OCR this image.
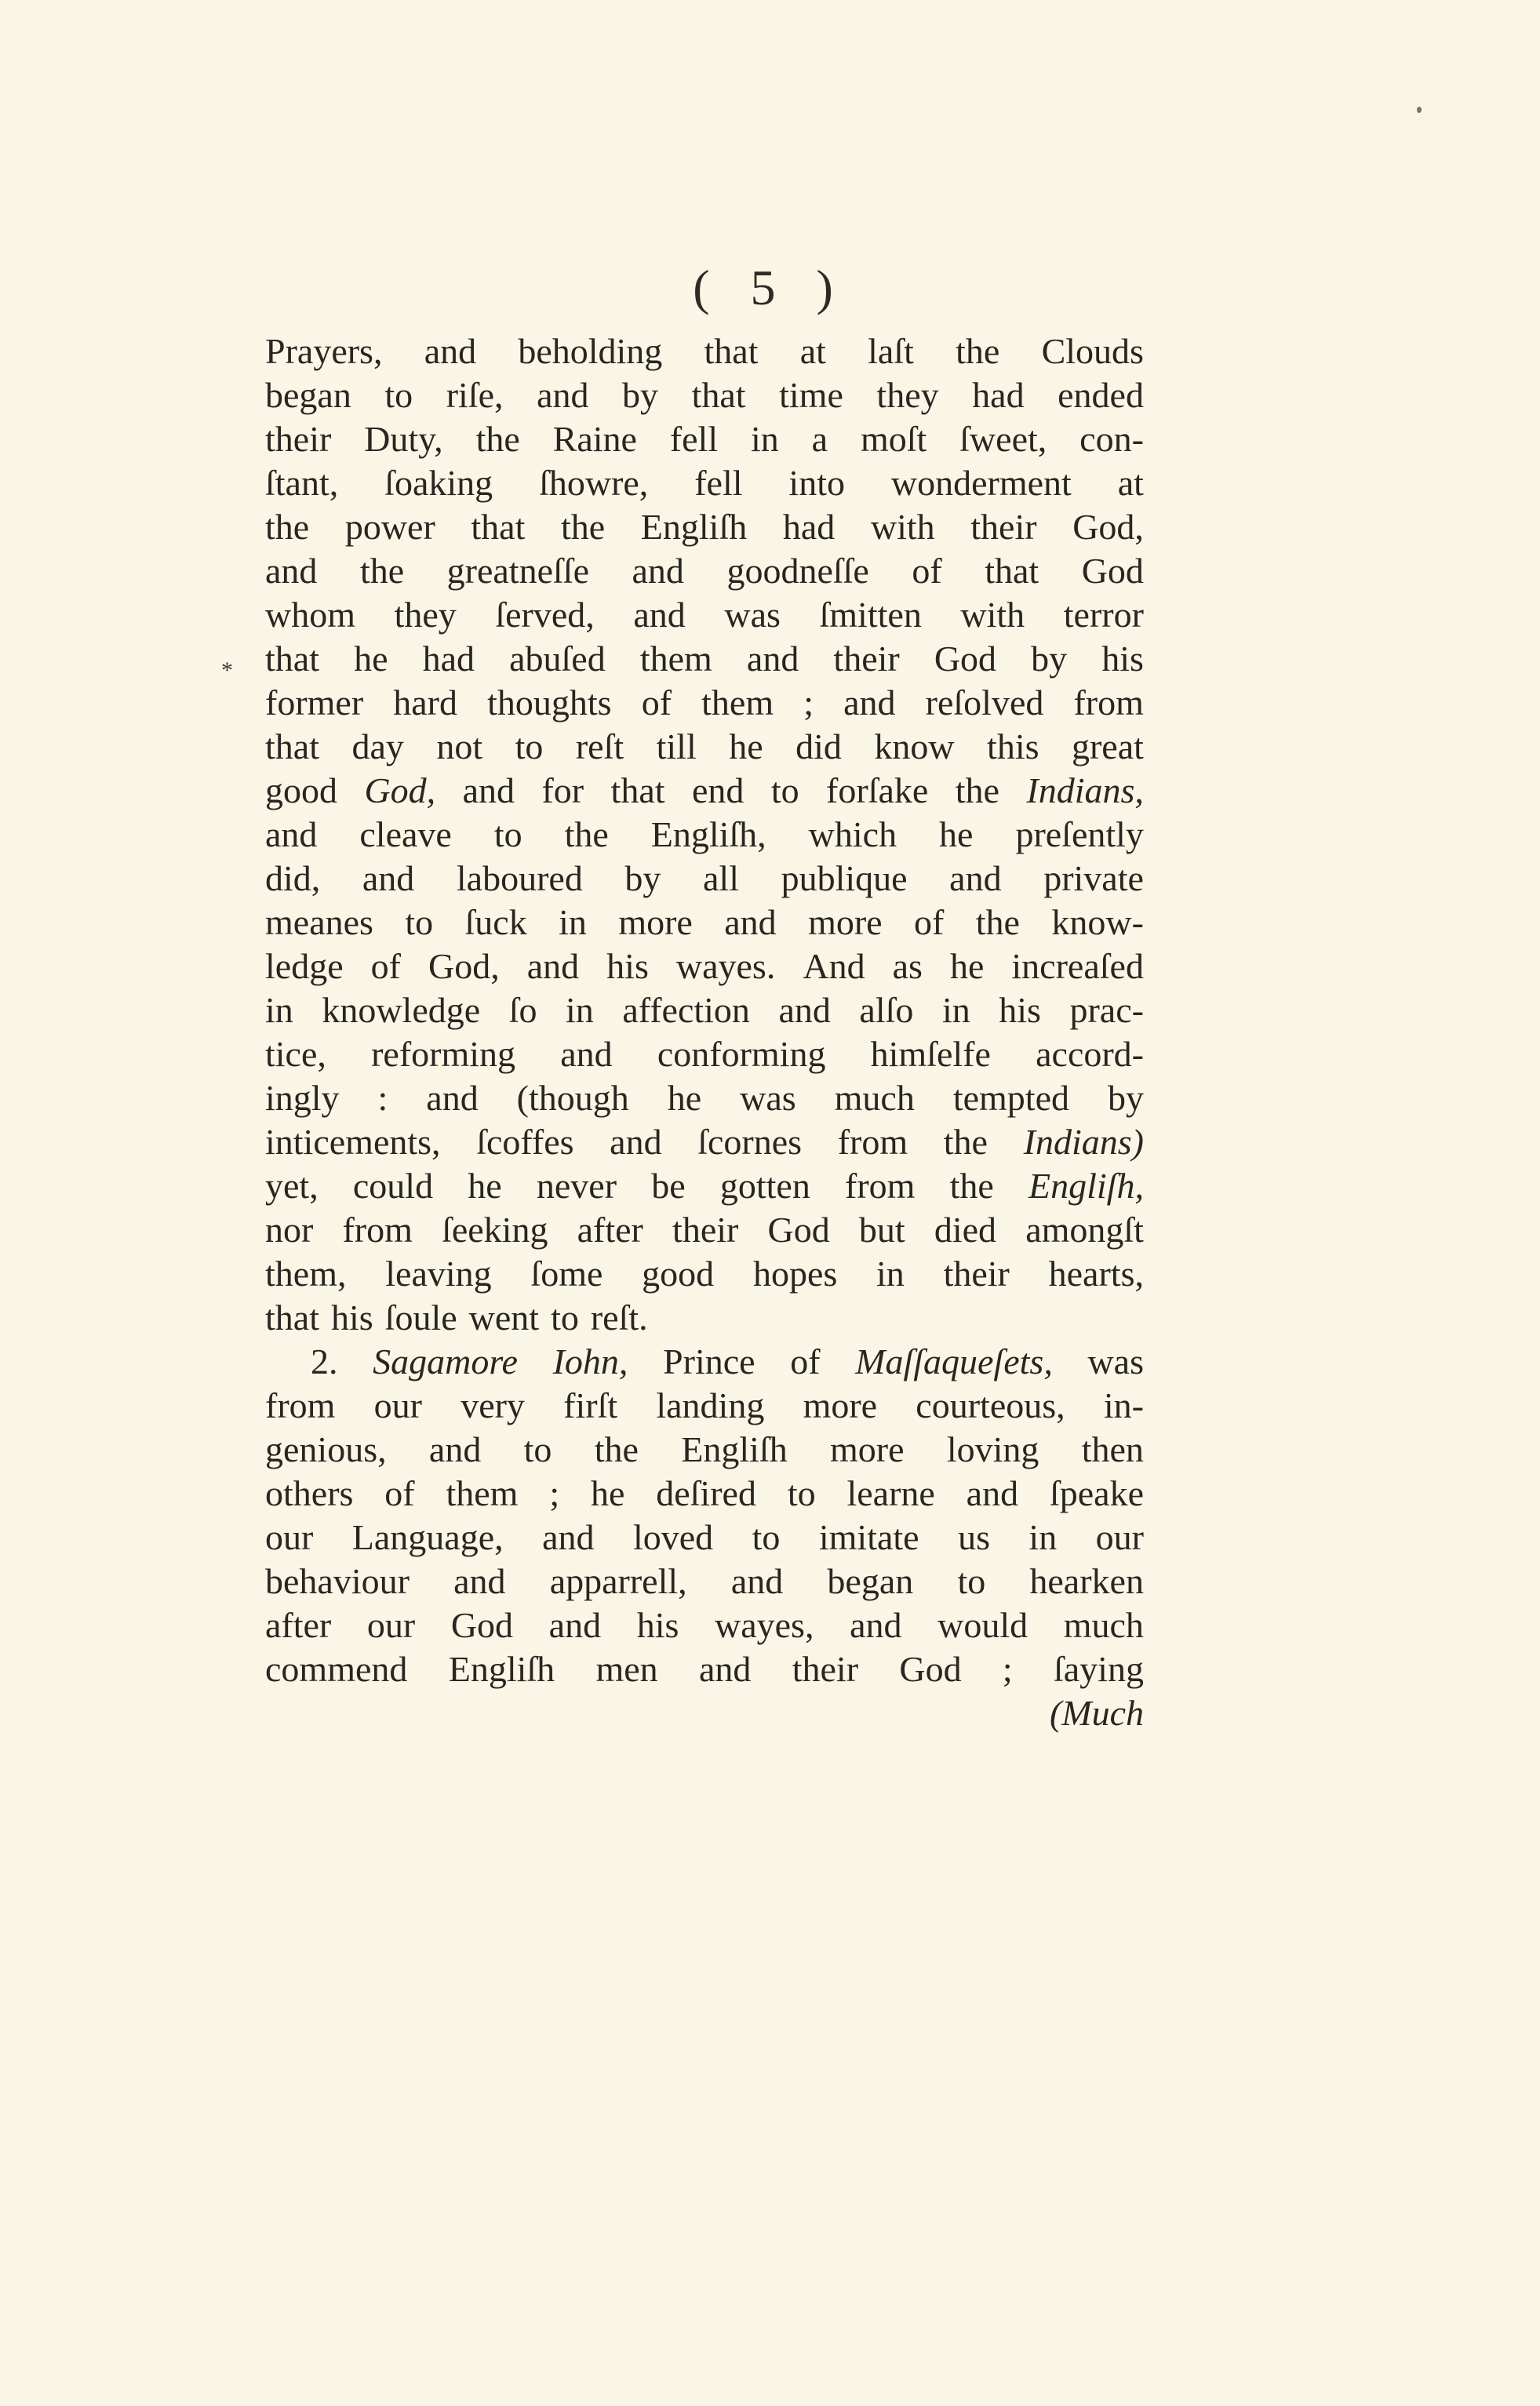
( 5 )
*
Prayers, and beholding that at laſt the Clouds
began to riſe, and by that time they had ended
their Duty, the Raine fell in a moſt ſweet, con-
ſtant, ſoaking ſhowre, fell into wonderment at
the power that the Engliſh had with their God,
and the greatneſſe and goodneſſe of that God
whom they ſerved, and was ſmitten with terror
that he had abuſed them and their God by his
former hard thoughts of them ; and reſolved from
that day not to reſt till he did know this great
good God, and for that end to forſake the Indians,
and cleave to the Engliſh, which he preſently
did, and laboured by all publique and private
meanes to ſuck in more and more of the know-
ledge of God, and his wayes. And as he increaſed
in knowledge ſo in affection and alſo in his prac-
tice, reforming and conforming himſelfe accord-
ingly : and (though he was much tempted by
inticements, ſcoffes and ſcornes from the Indians)
yet, could he never be gotten from the Engliſh,
nor from ſeeking after their God but died amongſt
them, leaving ſome good hopes in their hearts,
that his ſoule went to reſt.
2. Sagamore Iohn, Prince of Maſſaqueſets, was
from our very firſt landing more courteous, in-
genious, and to the Engliſh more loving then
others of them ; he deſired to learne and ſpeake
our Language, and loved to imitate us in our
behaviour and apparrell, and began to hearken
after our God and his wayes, and would much
commend Engliſh men and their God ; ſaying
(Much
